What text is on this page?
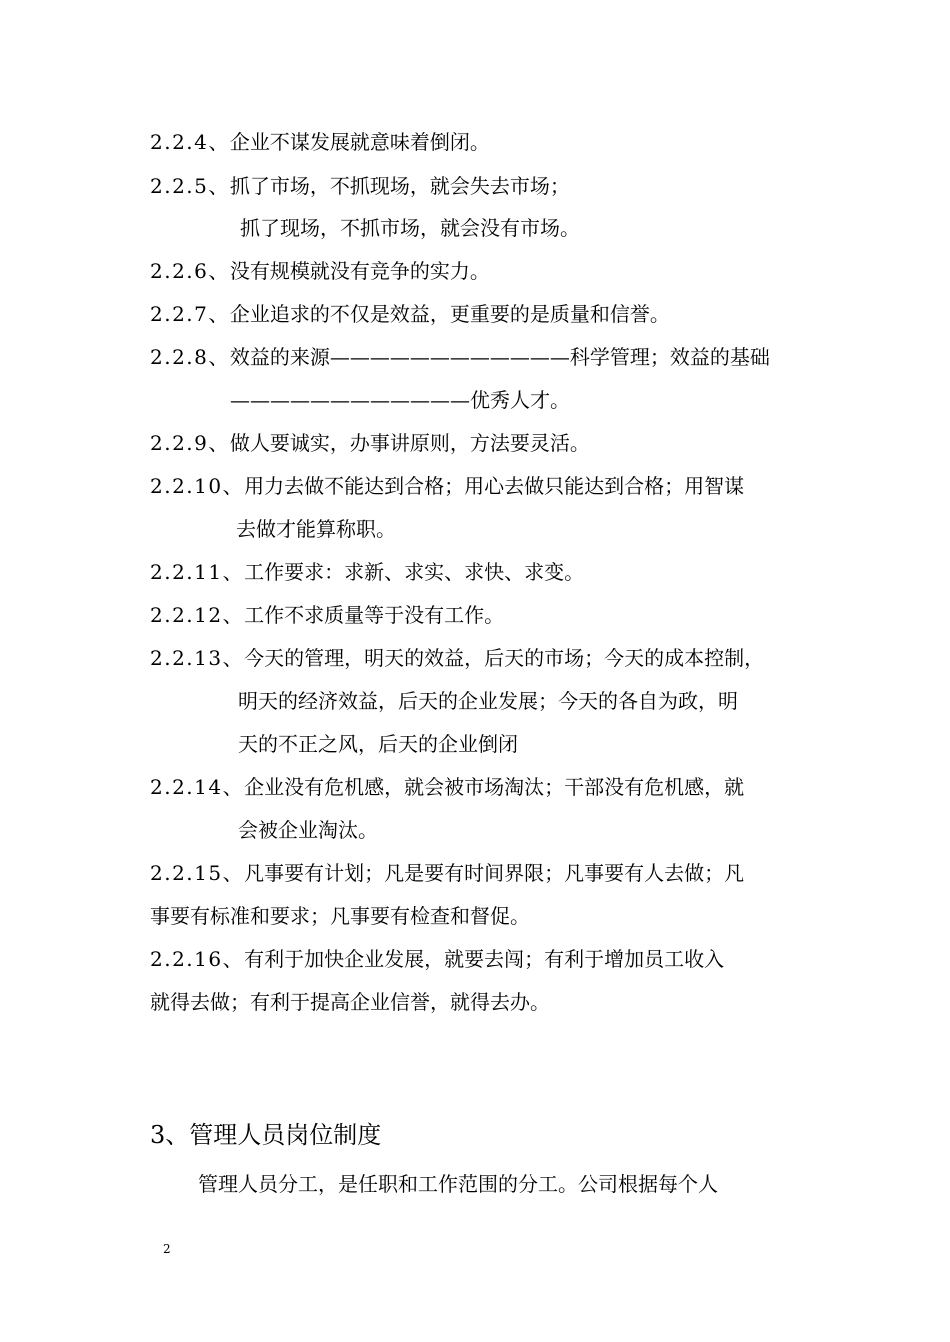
2.2.4、企业不谋发展就意味着倒闭。

2.2.5、抓了市场，不抓现场，就会失去市场；

抓了现场，不抓市场，就会没有市场。

2.2.6、没有规模就没有竞争的实力。

2.2.7、企业追求的不仅是效益，更重要的是质量和信誉。

2.2.8、效益的来源————————————科学管理；效益的基础

————————————优秀人才。

2.2.9、做人要诚实，办事讲原则，方法要灵活。

2.2.10、用力去做不能达到合格；用心去做只能达到合格；用智谋

去做才能算称职。

2.2.11、工作要求：求新、求实、求快、求变。

2.2.12、工作不求质量等于没有工作。

2.2.13、今天的管理，明天的效益，后天的市场；今天的成本控制，

明天的经济效益，后天的企业发展；今天的各自为政，明

天的不正之风，后天的企业倒闭

2.2.14、企业没有危机感，就会被市场淘汰；干部没有危机感，就

会被企业淘汰。

2.2.15、凡事要有计划；凡是要有时间界限；凡事要有人去做；凡

事要有标准和要求；凡事要有检查和督促。

2.2.16、有利于加快企业发展，就要去闯；有利于增加员工收入

就得去做；有利于提高企业信誉，就得去办。

3、管理人员岗位制度

管理人员分工，是任职和工作范围的分工。公司根据每个人

2
